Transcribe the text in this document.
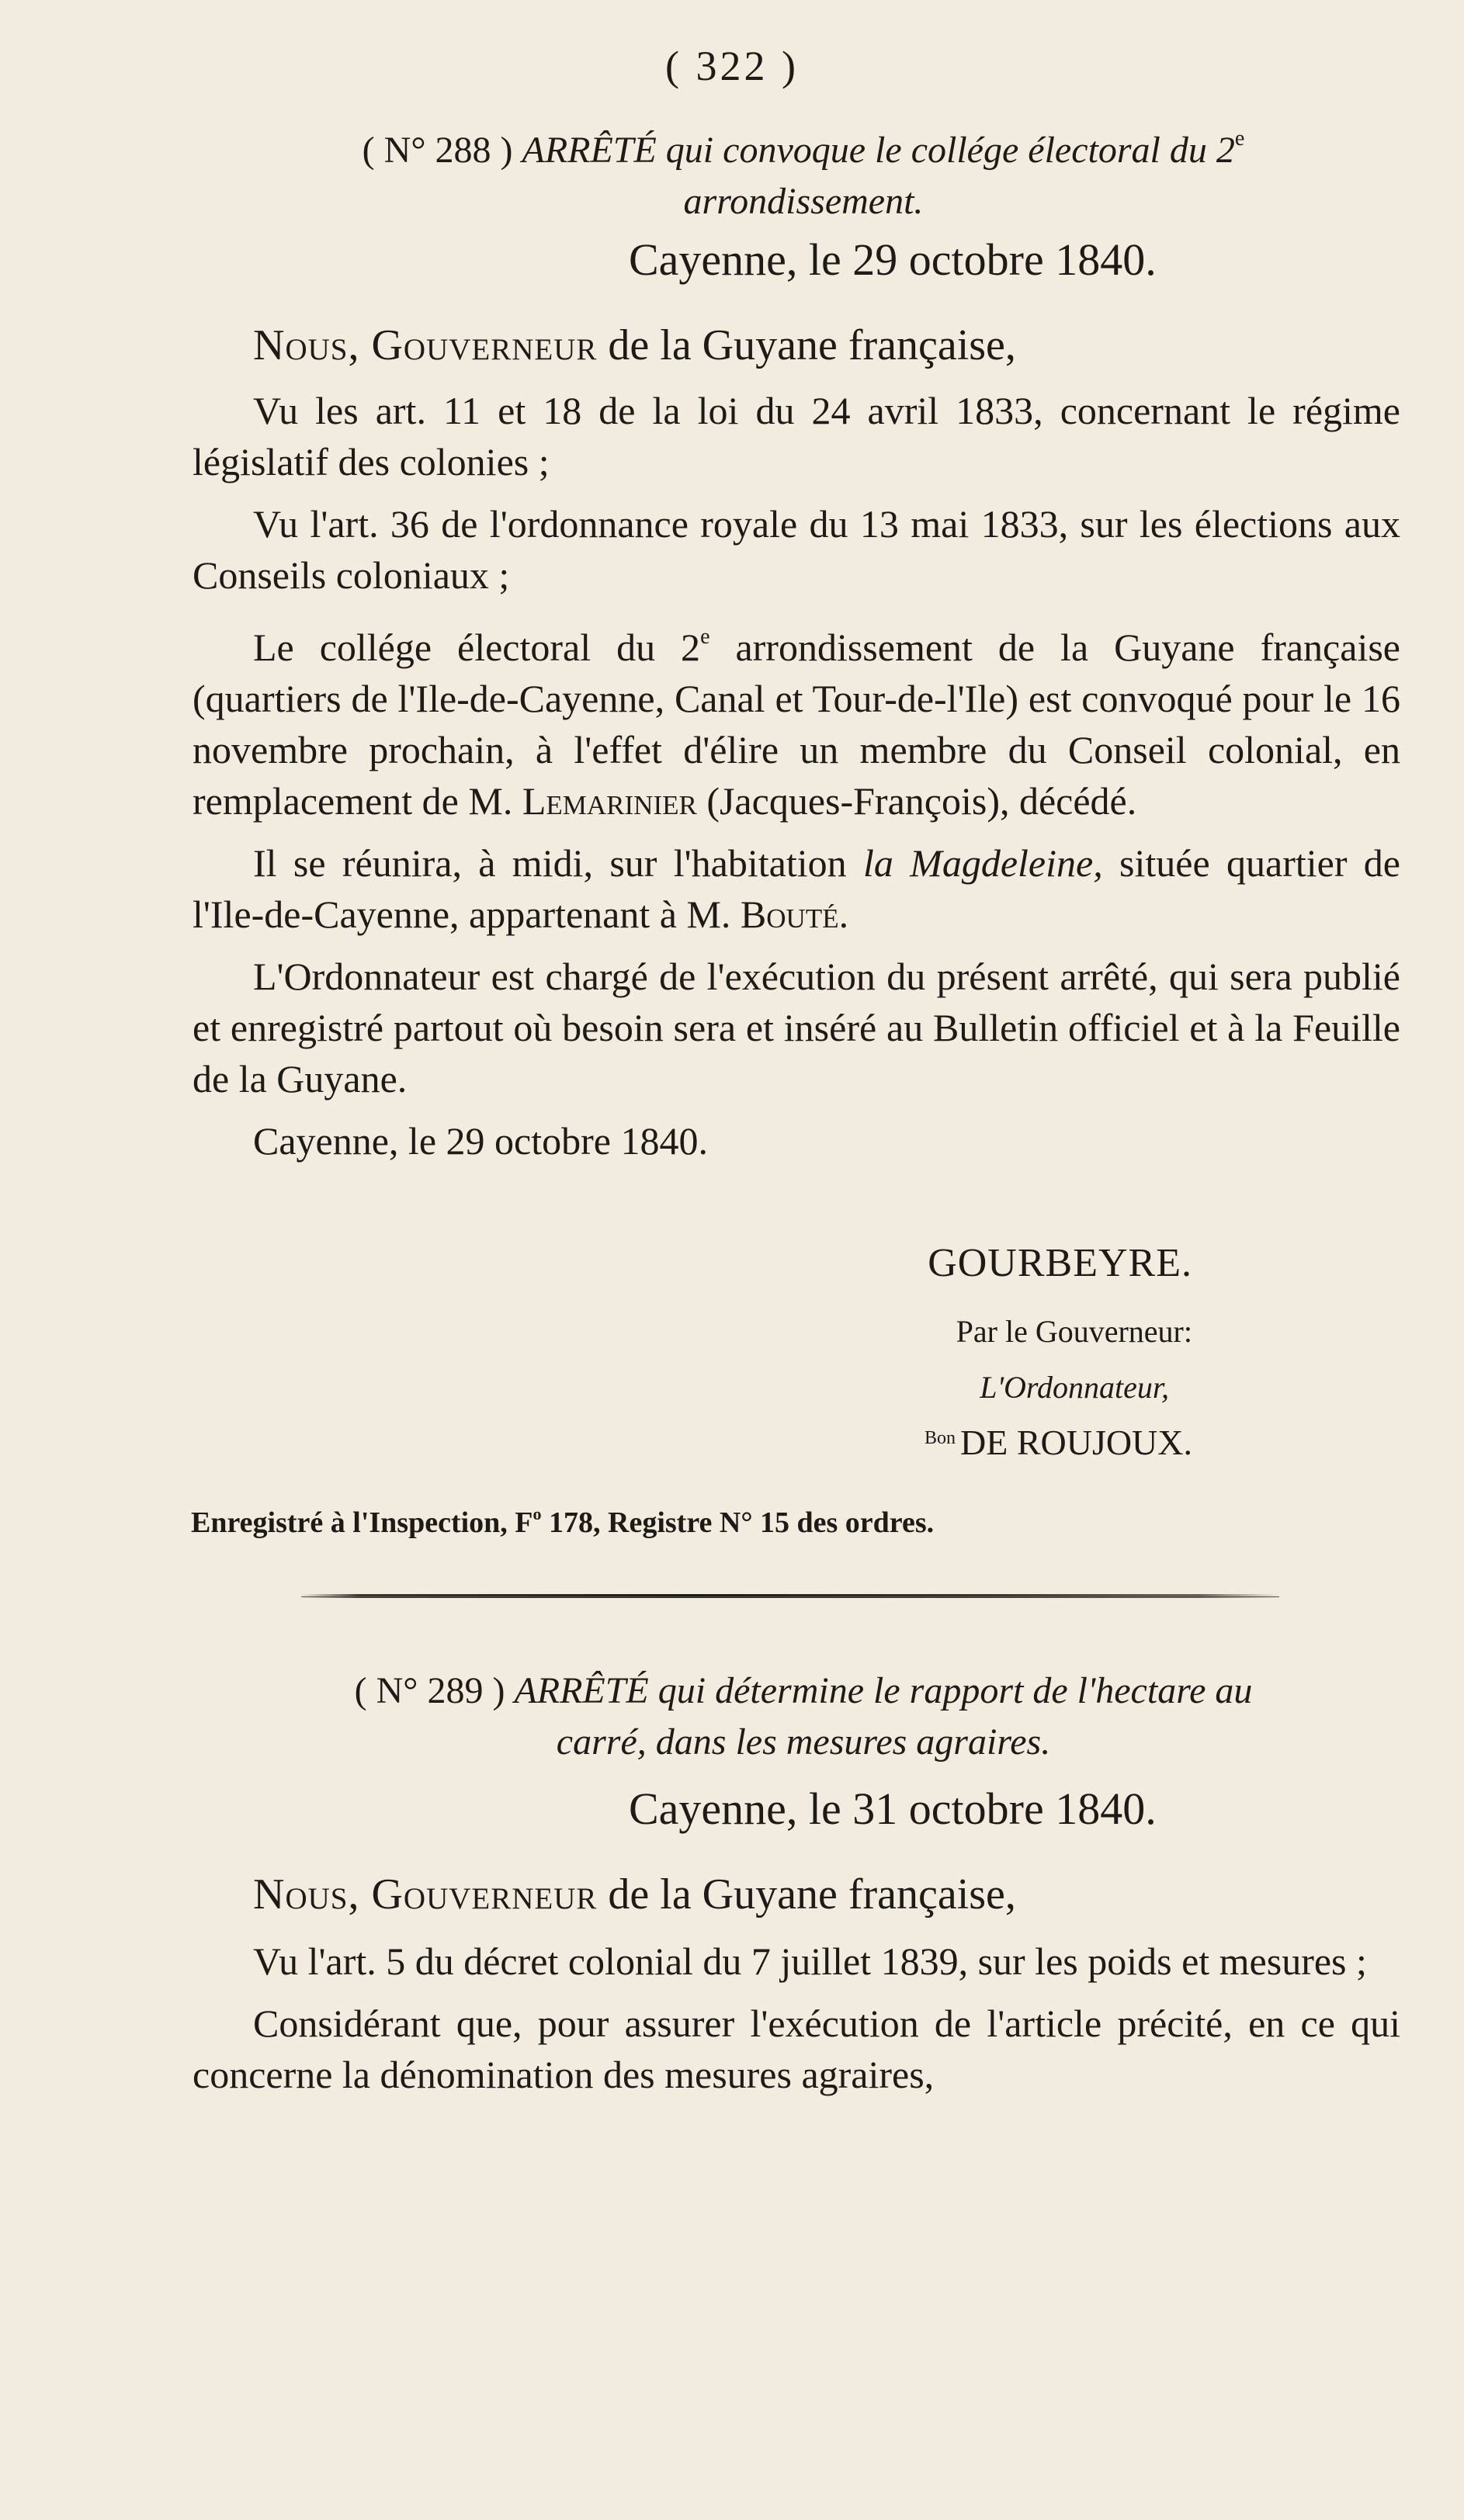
( 322 )
( N° 288 ) ARRÊTÉ qui convoque le collége électoral du 2e
arrondissement.
Cayenne, le 29 octobre 1840.
Nous, Gouverneur de la Guyane française,

Vu les art. 11 et 18 de la loi du 24 avril 1833, concernant le régime législatif des colonies ;

Vu l'art. 36 de l'ordonnance royale du 13 mai 1833, sur les élections aux Conseils coloniaux ;

Le collége électoral du 2e arrondissement de la Guyane française (quartiers de l'Ile-de-Cayenne, Canal et Tour-de-l'Ile) est convoqué pour le 16 novembre prochain, à l'effet d'élire un membre du Conseil colonial, en remplacement de M. Lemarinier (Jacques-François), décédé.

Il se réunira, à midi, sur l'habitation la Magdeleine, située quartier de l'Ile-de-Cayenne, appartenant à M. Bouté.

L'Ordonnateur est chargé de l'exécution du présent arrêté, qui sera publié et enregistré partout où besoin sera et inséré au Bulletin officiel et à la Feuille de la Guyane.

Cayenne, le 29 octobre 1840.

GOURBEYRE.
Par le Gouverneur:
L'Ordonnateur,
$^{Bon}$ DE ROUJOUX.
Enregistré à l'Inspection, $F^o$ 178, Registre N° 15 des ordres.
( N° 289 ) ARRÊTÉ qui détermine le rapport de l'hectare au
carré, dans les mesures agraires.
Cayenne, le 31 octobre 1840.
Nous, Gouverneur de la Guyane française,

Vu l'art. 5 du décret colonial du 7 juillet 1839, sur les poids et mesures ;

Considérant que, pour assurer l'exécution de l'article précité, en ce qui concerne la dénomination des mesures agraires,
